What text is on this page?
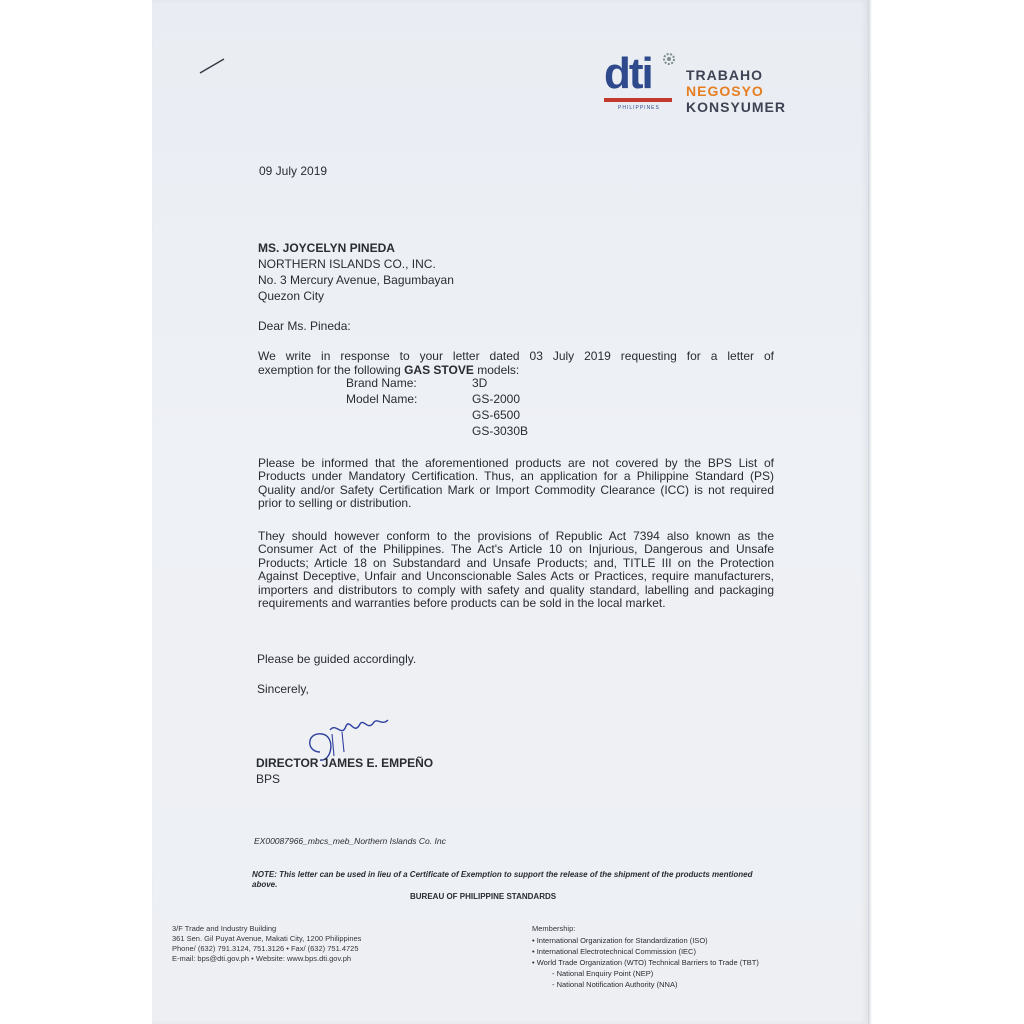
dti
PHILIPPINES
TRABAHO
NEGOSYO
KONSYUMER
09 July 2019
MS. JOYCELYN PINEDA
NORTHERN ISLANDS CO., INC.
No. 3 Mercury Avenue, Bagumbayan
Quezon City
Dear Ms. Pineda:
We write in response to your letter dated 03 July 2019 requesting for a letter of
exemption for the following GAS STOVE models:
Brand Name:	3D
Model Name:	GS-2000
GS-6500
GS-3030B
Please be informed that the aforementioned products are not covered by the BPS List of Products under Mandatory Certification. Thus, an application for a Philippine Standard (PS) Quality and/or Safety Certification Mark or Import Commodity Clearance (ICC) is not required prior to selling or distribution.
They should however conform to the provisions of Republic Act 7394 also known as the Consumer Act of the Philippines. The Act's Article 10 on Injurious, Dangerous and Unsafe Products; Article 18 on Substandard and Unsafe Products; and, TITLE III on the Protection Against Deceptive, Unfair and Unconscionable Sales Acts or Practices, require manufacturers, importers and distributors to comply with safety and quality standard, labelling and packaging requirements and warranties before products can be sold in the local market.
Please be guided accordingly.
Sincerely,
DIRECTOR JAMES E. EMPEÑO
BPS
EX00087966_mbcs_meb_Northern Islands Co. Inc
NOTE: This letter can be used in lieu of a Certificate of Exemption to support the release of the shipment of the products mentioned above.
BUREAU OF PHILIPPINE STANDARDS
3/F Trade and Industry Building
361 Sen. Gil Puyat Avenue, Makati City, 1200 Philippines
Phone/ (632) 791.3124, 751.3126 • Fax/ (632) 751.4725
E-mail: bps@dti.gov.ph • Website: www.bps.dti.gov.ph
Membership:
• International Organization for Standardization (ISO)
• International Electrotechnical Commission (IEC)
• World Trade Organization (WTO) Technical Barriers to Trade (TBT)
- National Enquiry Point (NEP)
- National Notification Authority (NNA)
